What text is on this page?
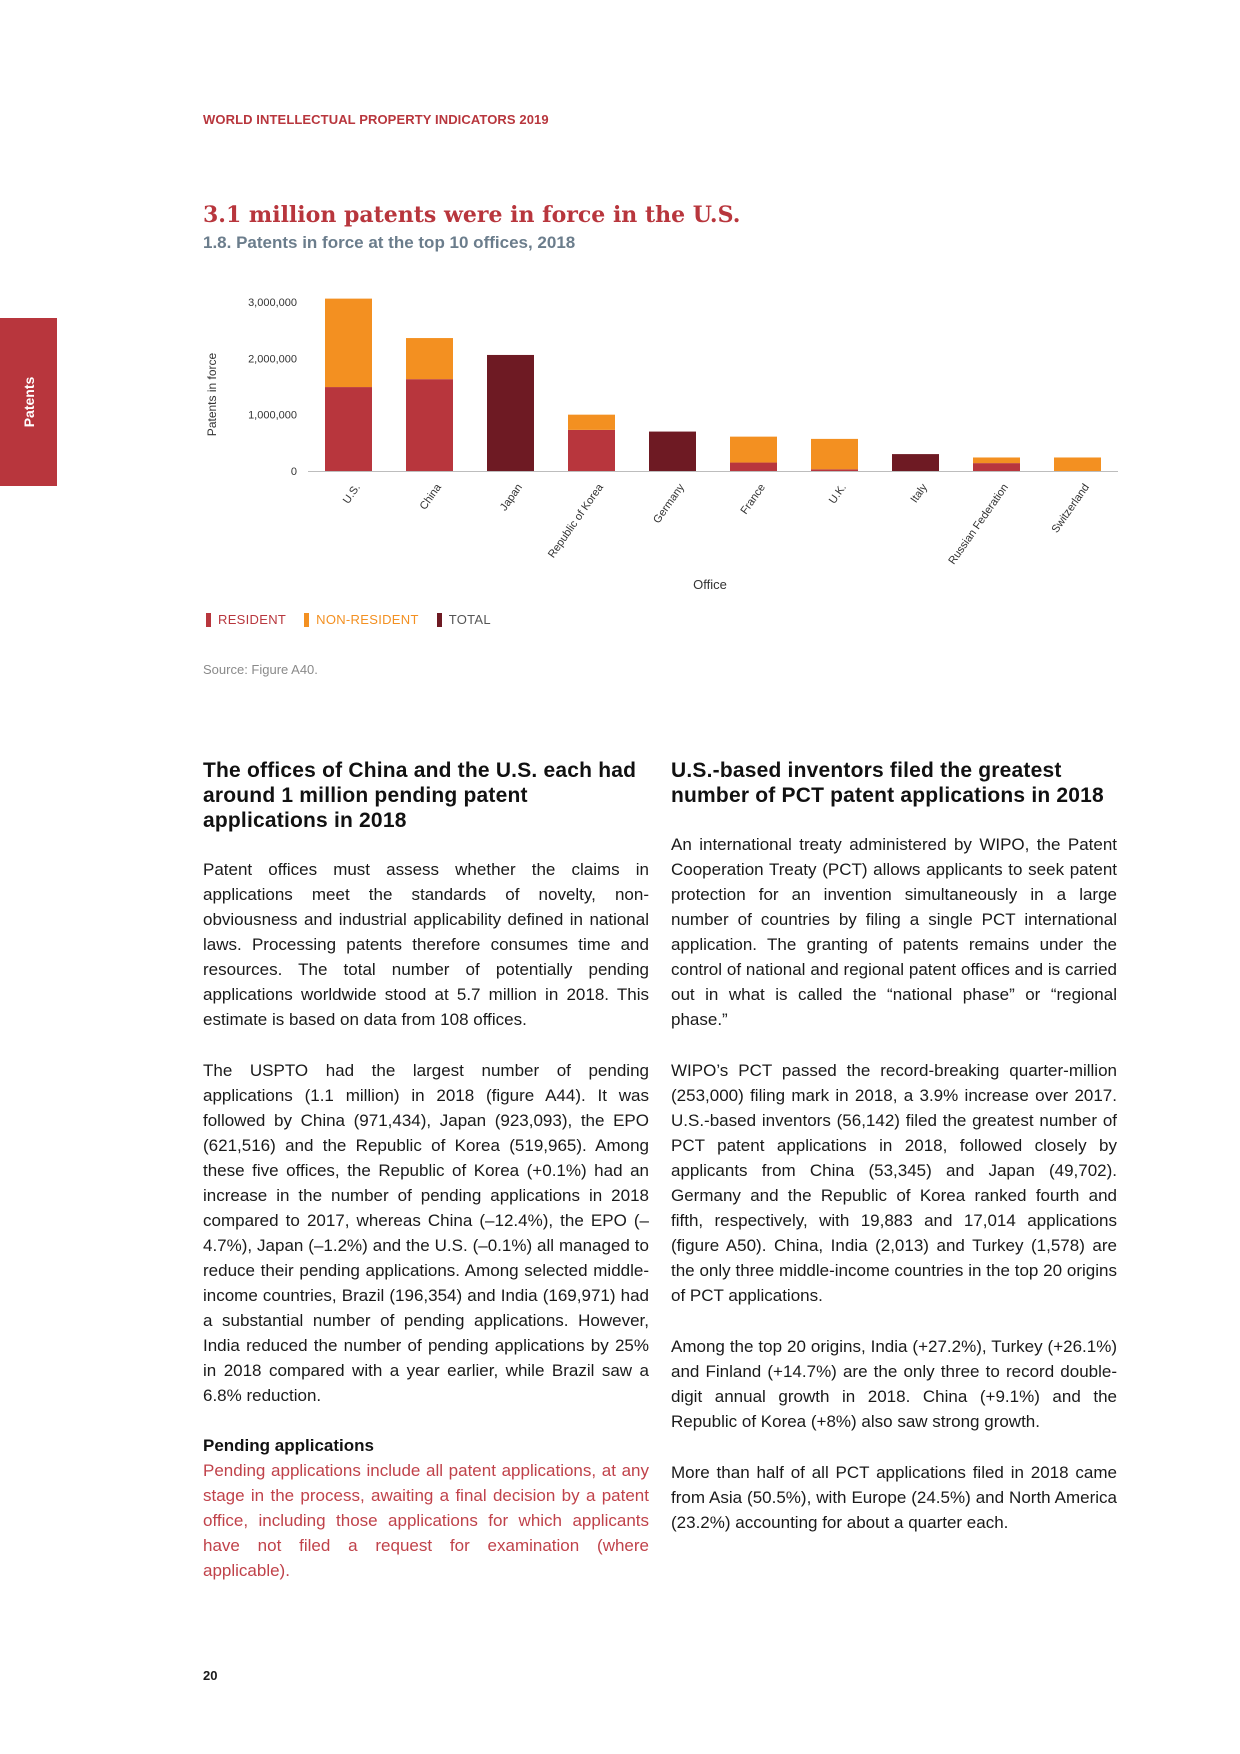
WORLD INTELLECTUAL PROPERTY INDICATORS 2019
Patents
3.1 million patents were in force in the U.S.
1.8. Patents in force at the top 10 offices, 2018
0
1,000,000
2,000,000
3,000,000
Patents in force
U.S.	China	Japan Republic of Korea	Germany	France	U.K.	Italy Russian Federation	Switzerland
Office
RESIDENT NON-RESIDENT TOTAL
Source: Figure A40.
The offices of China and the U.S. each had around 1 million pending patent applications in 2018

Patent offices must assess whether the claims in applications meet the standards of novelty, non-obviousness and industrial applicability defined in national laws. Processing patents therefore consumes time and resources. The total number of potentially pending applications worldwide stood at 5.7 million in 2018. This estimate is based on data from 108 offices.

The USPTO had the largest number of pending applications (1.1 million) in 2018 (figure A44). It was followed by China (971,434), Japan (923,093), the EPO (621,516) and the Republic of Korea (519,965). Among these five offices, the Republic of Korea (+0.1%) had an increase in the number of pending applications in 2018 compared to 2017, whereas China (–12.4%), the EPO (–4.7%), Japan (–1.2%) and the U.S. (–0.1%) all managed to reduce their pending applications. Among selected middle-income countries, Brazil (196,354) and India (169,971) had a substantial number of pending applications. However, India reduced the number of pending applications by 25% in 2018 compared with a year earlier, while Brazil saw a 6.8% reduction.

Pending applications

Pending applications include all patent applications, at any stage in the process, awaiting a final decision by a patent office, including those applications for which applicants have not filed a request for examination (where applicable).

U.S.-based inventors filed the greatest number of PCT patent applications in 2018

An international treaty administered by WIPO, the Patent Cooperation Treaty (PCT) allows applicants to seek patent protection for an invention simultaneously in a large number of countries by filing a single PCT international application. The granting of patents remains under the control of national and regional patent offices and is carried out in what is called the “national phase” or “regional phase.”

WIPO’s PCT passed the record-breaking quarter-million (253,000) filing mark in 2018, a 3.9% increase over 2017. U.S.-based inventors (56,142) filed the greatest number of PCT patent applications in 2018, followed closely by applicants from China (53,345) and Japan (49,702). Germany and the Republic of Korea ranked fourth and fifth, respectively, with 19,883 and 17,014 applications (figure A50). China, India (2,013) and Turkey (1,578) are the only three middle-income countries in the top 20 origins of PCT applications.

Among the top 20 origins, India (+27.2%), Turkey (+26.1%) and Finland (+14.7%) are the only three to record double-digit annual growth in 2018. China (+9.1%) and the Republic of Korea (+8%) also saw strong growth.

More than half of all PCT applications filed in 2018 came from Asia (50.5%), with Europe (24.5%) and North America (23.2%) accounting for about a quarter each.

20
